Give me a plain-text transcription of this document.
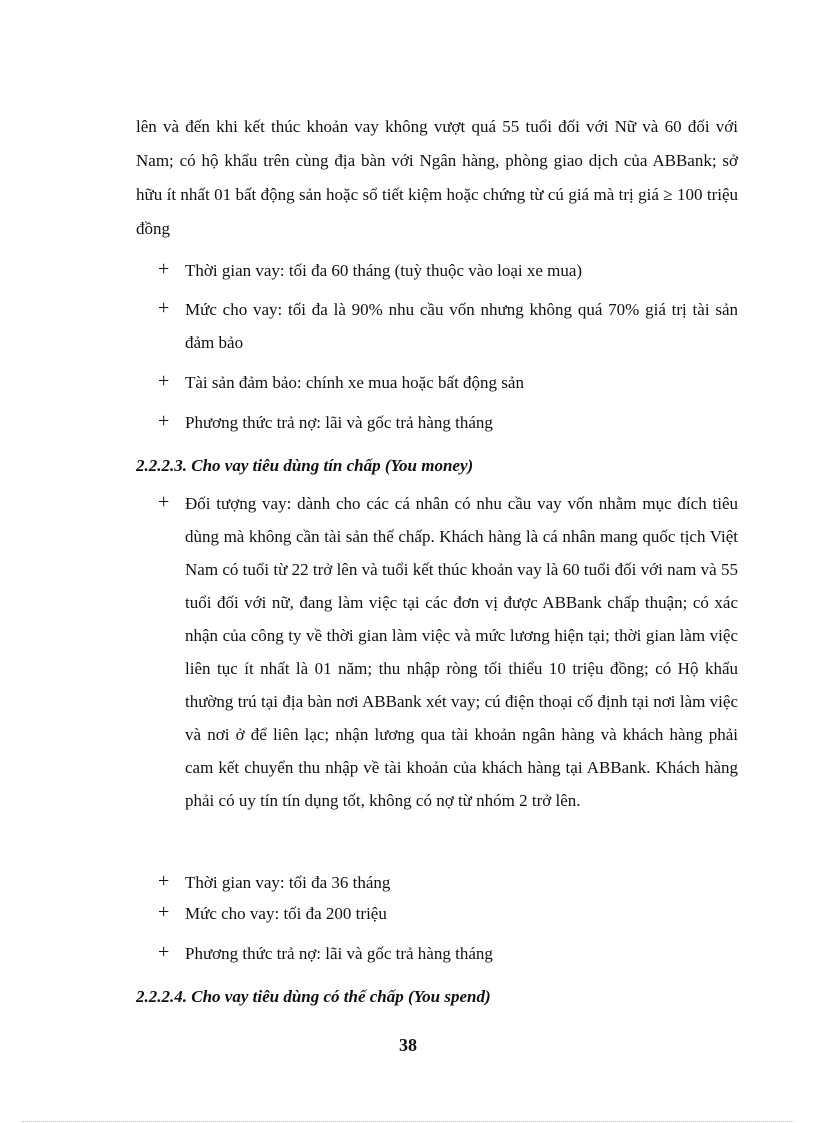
lên và đến khi kết thúc khoản vay không vượt quá 55 tuổi đối với Nữ và 60 đối với Nam; có hộ khẩu trên cùng địa bàn với Ngân hàng, phòng giao dịch của ABBank; sở hữu ít nhất 01 bất động sản hoặc sổ tiết kiệm hoặc chứng từ cú giá mà trị giá ≥ 100 triệu đồng

+ Thời gian vay: tối đa 60 tháng (tuỳ thuộc vào loại xe mua)
+ Mức cho vay: tối đa là 90% nhu cầu vốn nhưng không quá 70% giá trị tài sản đảm bảo
+ Tài sản đảm bảo: chính xe mua hoặc bất động sản
+ Phương thức trả nợ: lãi và gốc trả hàng tháng
2.2.2.3. Cho vay tiêu dùng tín chấp (You money)
+ Đối tượng vay: dành cho các cá nhân có nhu cầu vay vốn nhằm mục đích tiêu dùng mà không cần tài sản thế chấp. Khách hàng là cá nhân mang quốc tịch Việt Nam có tuổi từ 22 trở lên và tuổi kết thúc khoản vay là 60 tuổi đối với nam và 55 tuổi đối với nữ, đang làm việc tại các đơn vị được ABBank chấp thuận; có xác nhận của công ty về thời gian làm việc và mức lương hiện tại; thời gian làm việc liên tục ít nhất là 01 năm; thu nhập ròng tối thiểu 10 triệu đồng; có Hộ khẩu thường trú tại địa bàn nơi ABBank xét vay; cú điện thoại cố định tại nơi làm việc và nơi ở để liên lạc; nhận lương qua tài khoản ngân hàng và khách hàng phải cam kết chuyển thu nhập về tài khoản của khách hàng tại ABBank. Khách hàng phải có uy tín tín dụng tốt, không có nợ từ nhóm 2 trở lên.
+ Thời gian vay: tối đa 36 tháng
+ Mức cho vay: tối đa 200 triệu
+ Phương thức trả nợ: lãi và gốc trả hàng tháng
2.2.2.4. Cho vay tiêu dùng có thế chấp (You spend)
38
